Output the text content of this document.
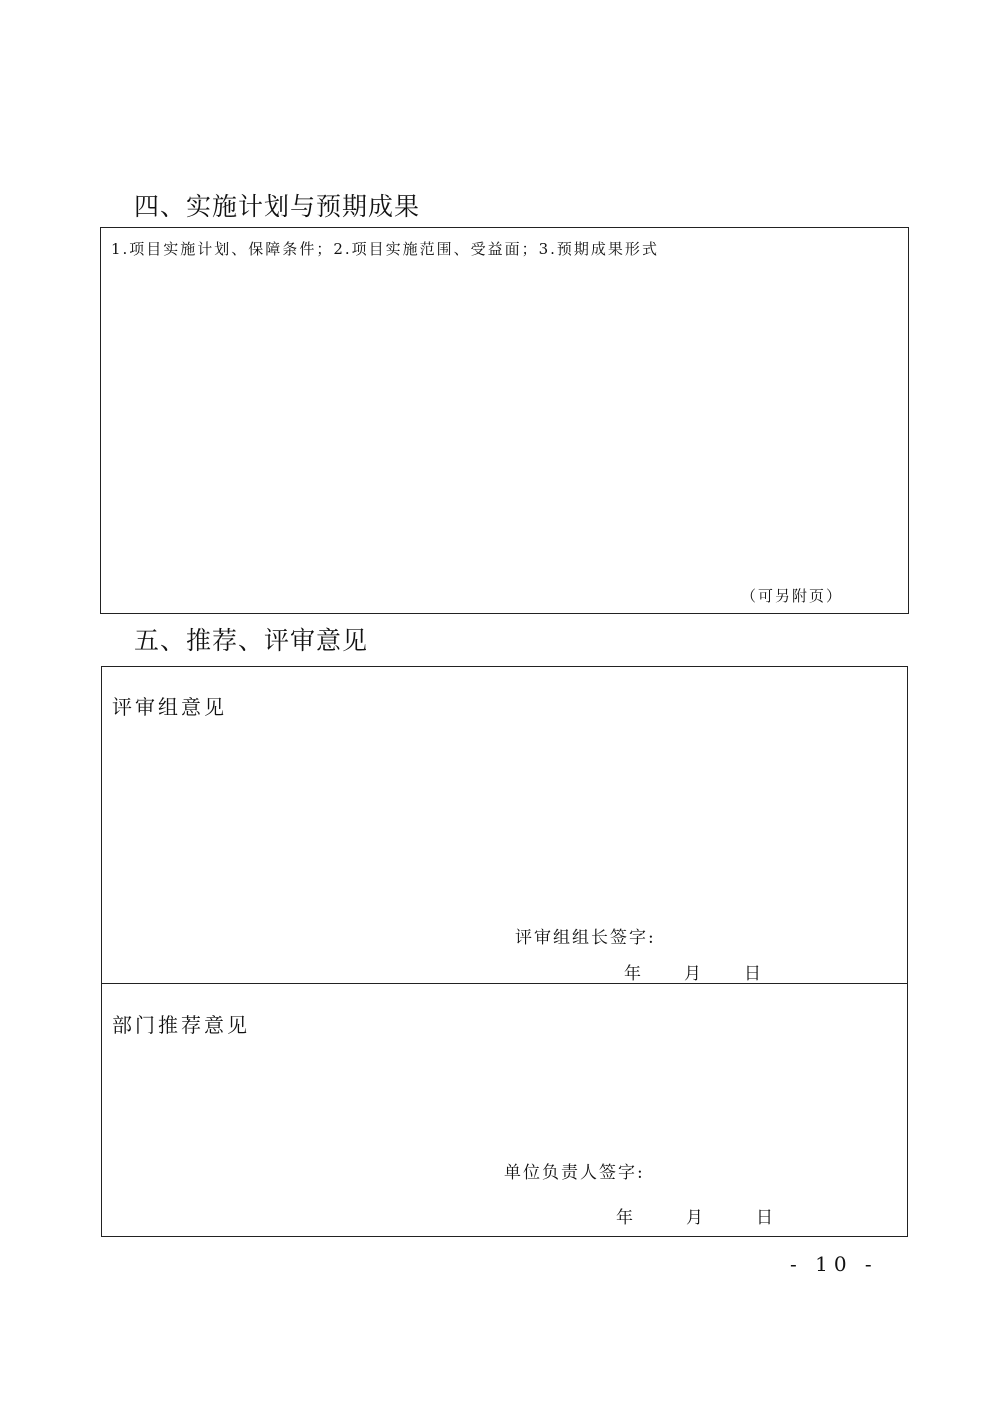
四、实施计划与预期成果
1.项目实施计划、保障条件；2.项目实施范围、受益面；3.预期成果形式
（可另附页）
五、推荐、评审意见
评审组意见
评审组组长签字:
年 月 日
部门推荐意见
单位负责人签字:
年	月	日
- 10 -
